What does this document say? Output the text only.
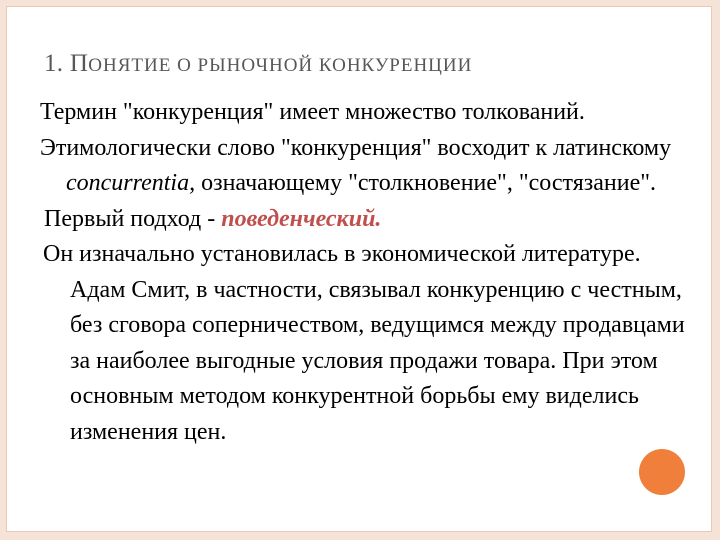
1. ПОНЯТИЕ О РЫНОЧНОЙ КОНКУРЕНЦИИ

Термин "конкуренция" имеет множество толкований.

Этимологически слово "конкуренция" восходит к латинскому concurrentia, означающему "столкновение", "состязание".

Первый подход - поведенческий.

Он изначально установилась в экономической литературе. Адам Смит, в частности, связывал конкуренцию с честным, без сговора соперничеством, ведущимся между продавцами за наиболее выгодные условия продажи товара. При этом основным методом конкурентной борьбы ему виделись изменения цен.
